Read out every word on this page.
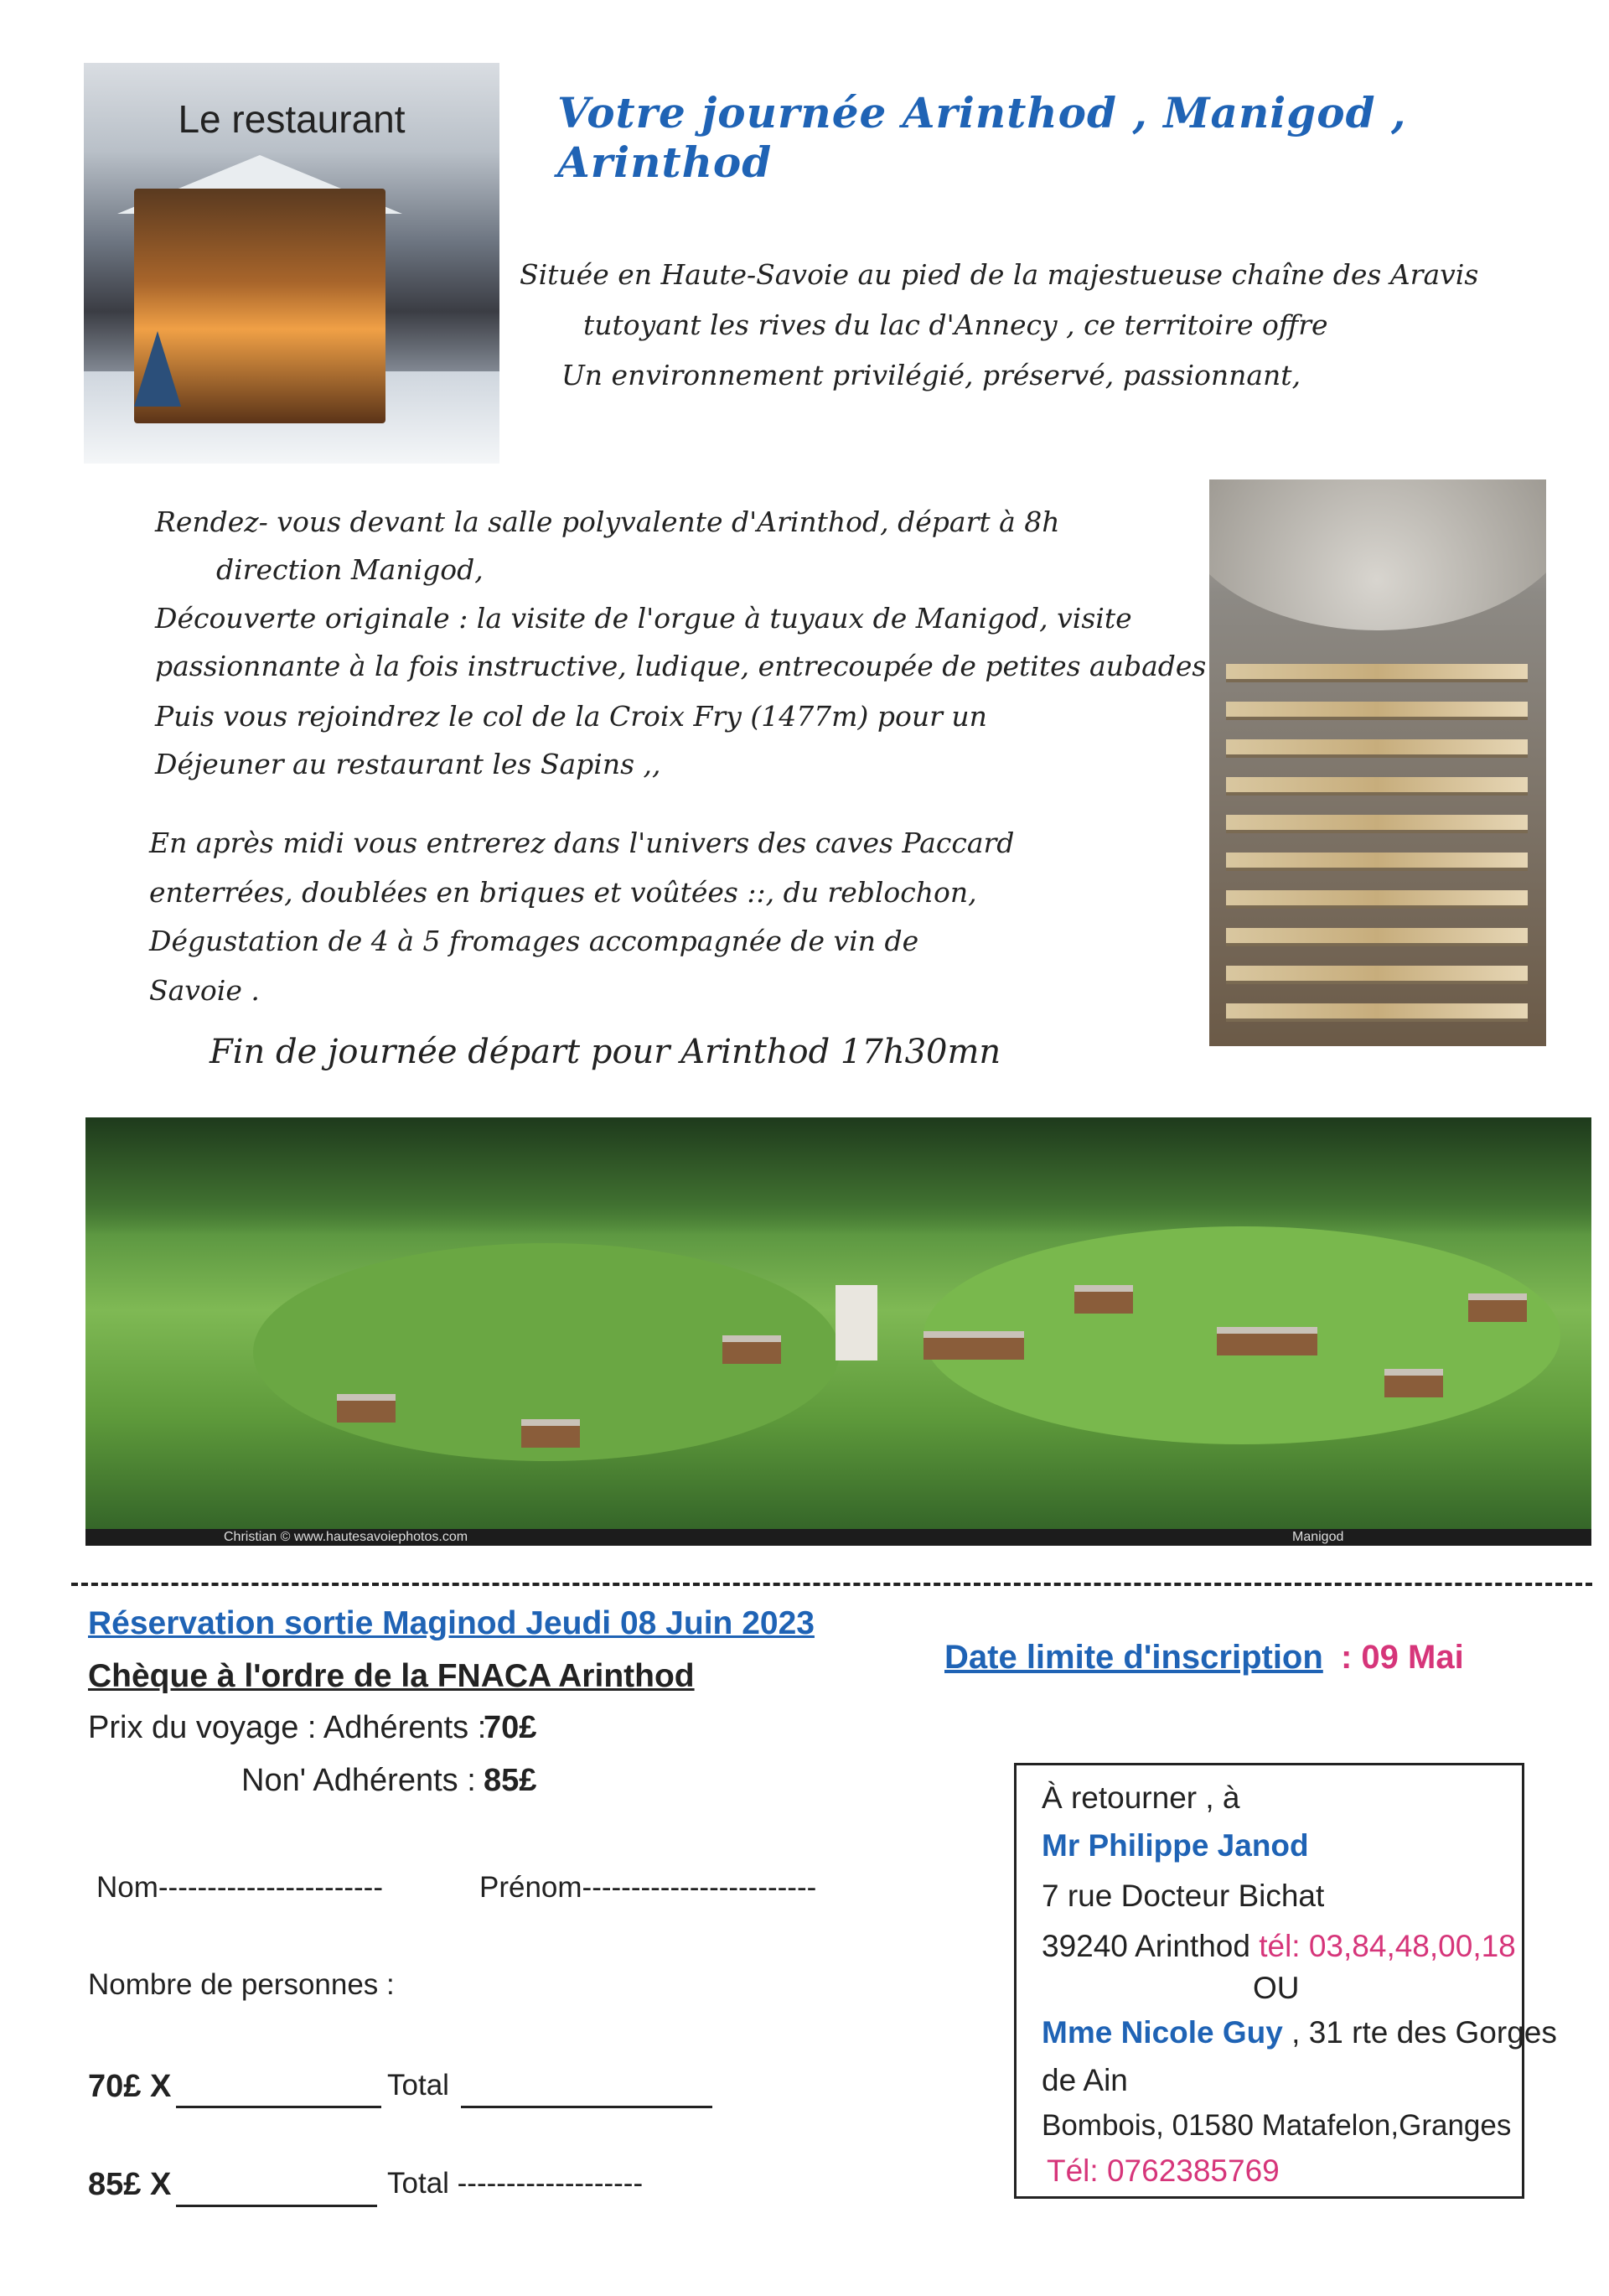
Le restaurant	Votre journée Arinthod , Manigod , Arinthod
Située en Haute-Savoie au pied de la majestueuse chaîne des Aravis
tutoyant les rives du lac d'Annecy , ce territoire offre
Un environnement privilégié, préservé, passionnant,
Rendez- vous devant la salle polyvalente d'Arinthod, départ à 8h
direction Manigod,
Découverte originale : la visite de l'orgue à tuyaux de Manigod, visite
passionnante à la fois instructive, ludique, entrecoupée de petites aubades
Puis vous rejoindrez le col de la Croix Fry (1477m) pour un
Déjeuner au restaurant les Sapins ,,
En après midi vous entrerez dans l'univers des caves Paccard
enterrées, doublées en briques et voûtées ::, du reblochon,
Dégustation de 4 à 5 fromages accompagnée de vin de
Savoie .
Fin de journée départ pour Arinthod 17h30mn
Christian © www.hautesavoiephotos.com	Manigod
Réservation sortie Maginod Jeudi 08 Juin 2023
Chèque à l'ordre de la FNACA Arinthod
Prix du voyage : Adhérents :
70£
Non' Adhérents : 85£
Date limite d'inscription : 09 Mai
Nom-----------------------	Prénom------------------------
Nombre de personnes :
70£ X	Total
85£ X	Total -------------------
À retourner , à
Mr Philippe Janod
7 rue Docteur Bichat
39240 Arinthod tél: 03,84,48,00,18
OU
Mme Nicole Guy , 31 rte des Gorges
de Ain
Bombois, 01580 Matafelon,Granges
Tél: 0762385769
